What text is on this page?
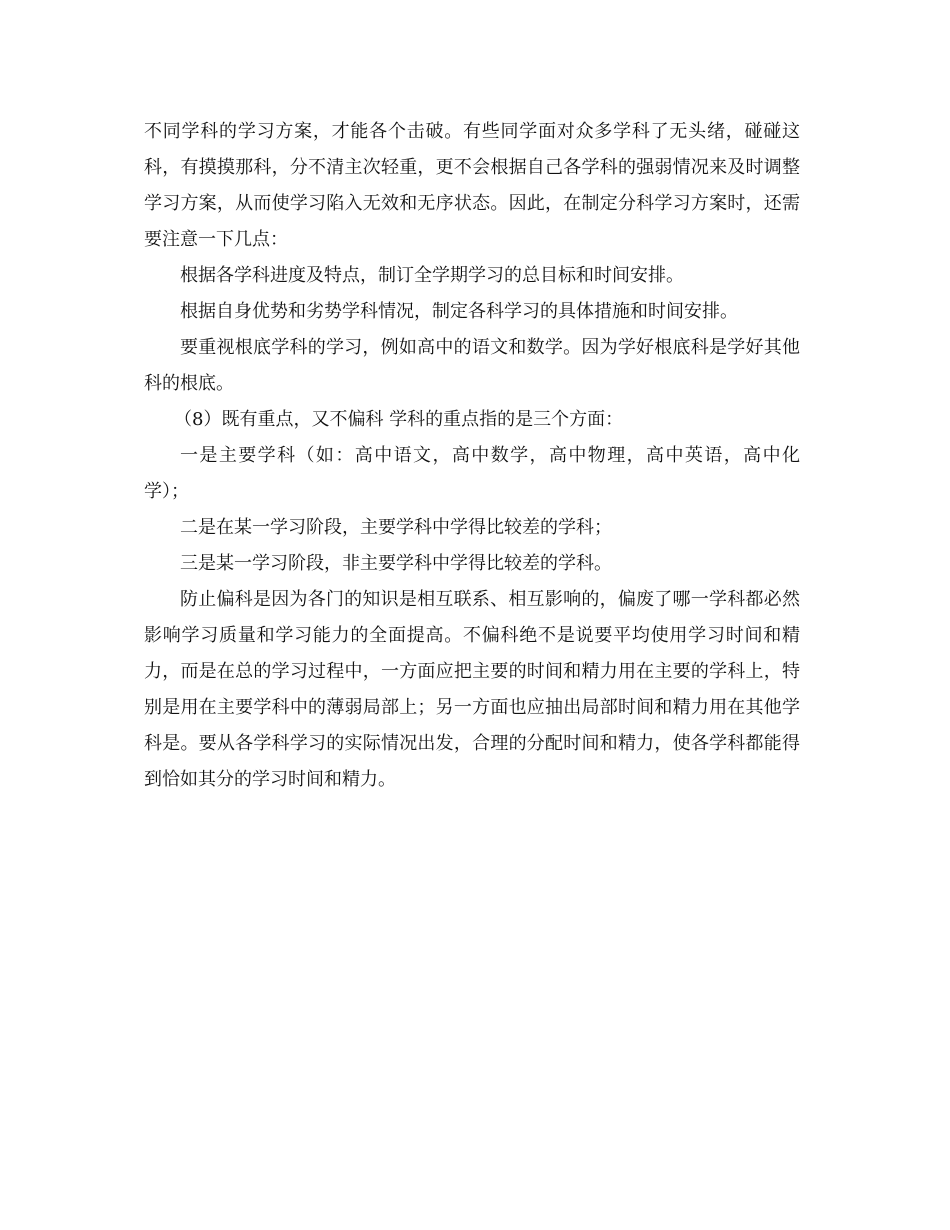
不同学科的学习方案，才能各个击破。有些同学面对众多学科了无头绪，碰碰这科，有摸摸那科，分不清主次轻重，更不会根据自己各学科的强弱情况来及时调整学习方案，从而使学习陷入无效和无序状态。因此，在制定分科学习方案时，还需要注意一下几点：

根据各学科进度及特点，制订全学期学习的总目标和时间安排。

根据自身优势和劣势学科情况，制定各科学习的具体措施和时间安排。

要重视根底学科的学习，例如高中的语文和数学。因为学好根底科是学好其他科的根底。

（8）既有重点，又不偏科 学科的重点指的是三个方面：

一是主要学科（如：高中语文，高中数学，高中物理，高中英语，高中化学）；

二是在某一学习阶段，主要学科中学得比较差的学科；

三是某一学习阶段，非主要学科中学得比较差的学科。

防止偏科是因为各门的知识是相互联系、相互影响的，偏废了哪一学科都必然影响学习质量和学习能力的全面提高。不偏科绝不是说要平均使用学习时间和精力，而是在总的学习过程中，一方面应把主要的时间和精力用在主要的学科上，特别是用在主要学科中的薄弱局部上；另一方面也应抽出局部时间和精力用在其他学科是。要从各学科学习的实际情况出发，合理的分配时间和精力，使各学科都能得到恰如其分的学习时间和精力。
